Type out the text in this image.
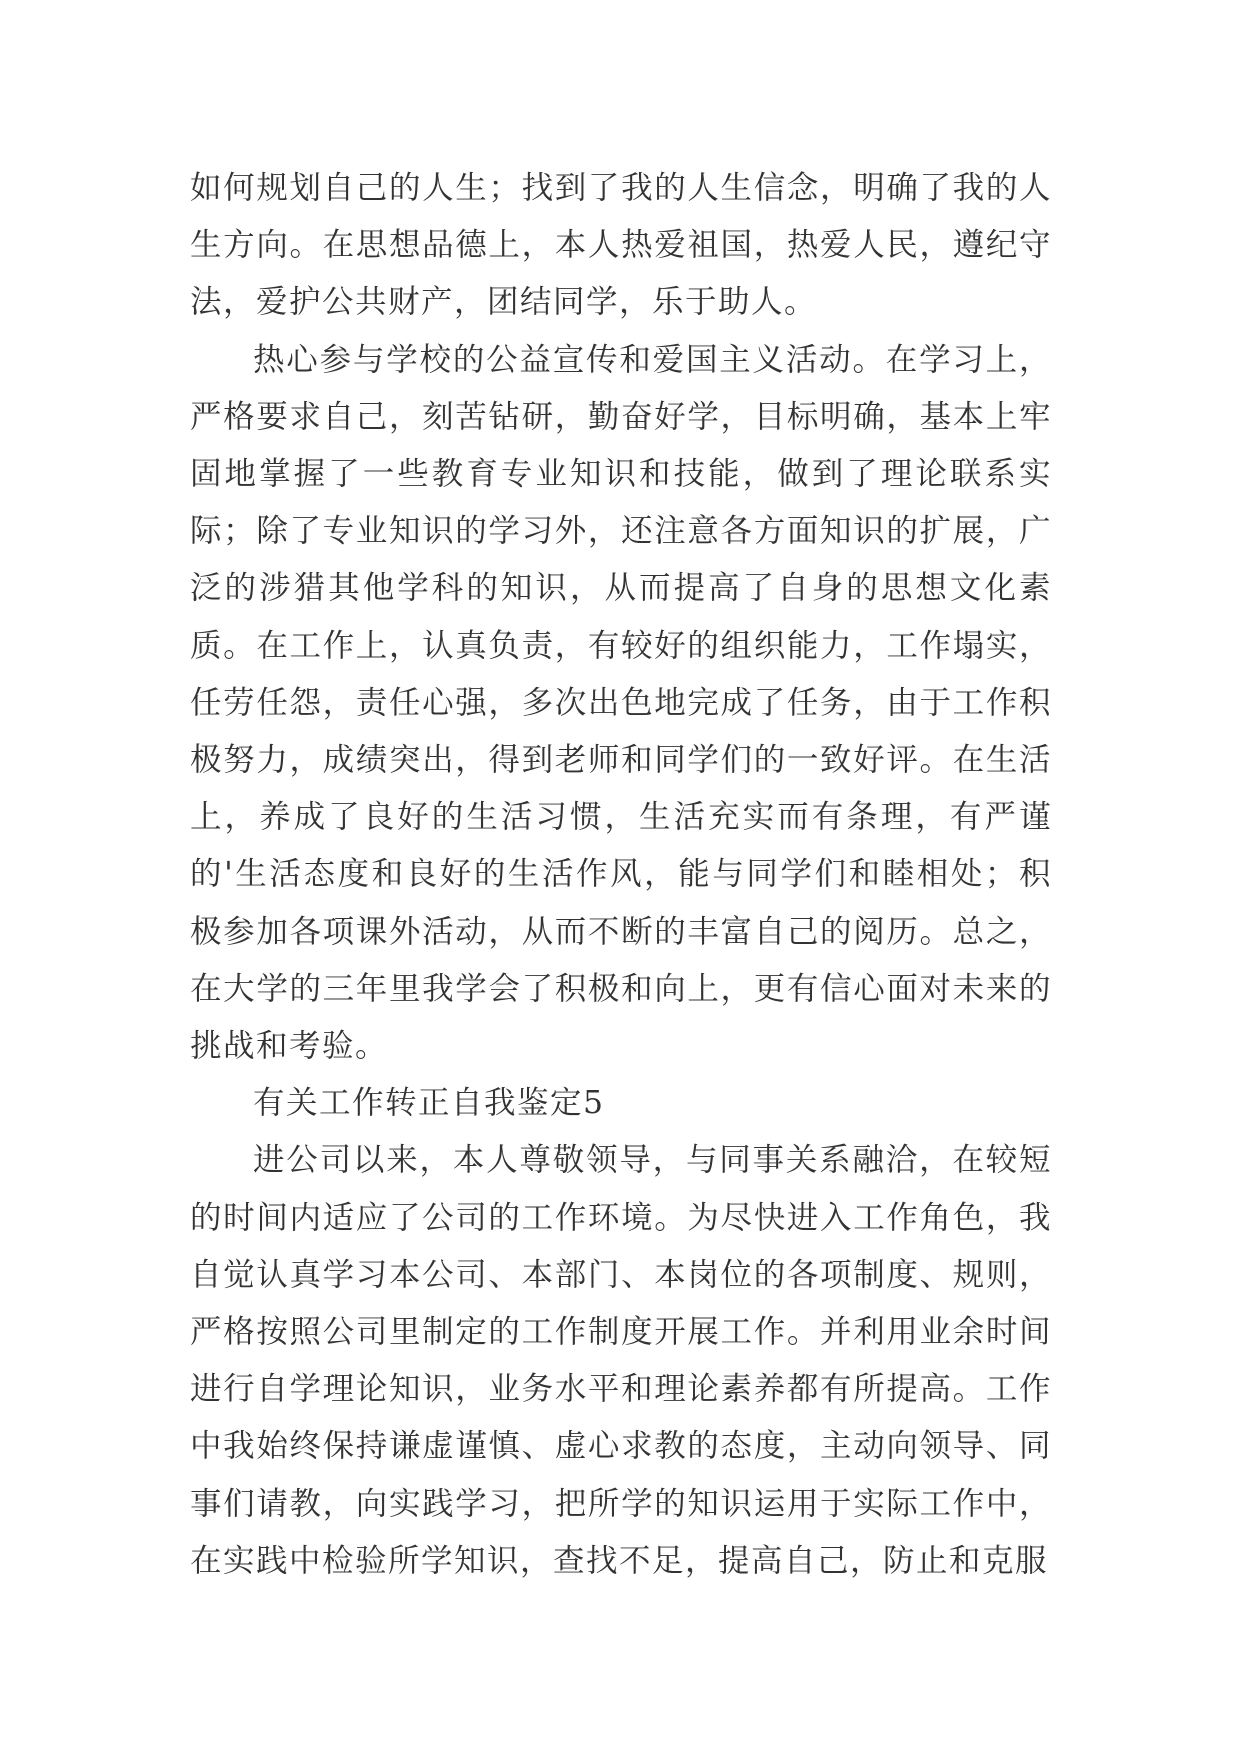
如何规划自己的人生；找到了我的人生信念，明确了我的人生方向。在思想品德上，本人热爱祖国，热爱人民，遵纪守法，爱护公共财产，团结同学，乐于助人。

热心参与学校的公益宣传和爱国主义活动。在学习上，严格要求自己，刻苦钻研，勤奋好学，目标明确，基本上牢固地掌握了一些教育专业知识和技能，做到了理论联系实际；除了专业知识的学习外，还注意各方面知识的扩展，广泛的涉猎其他学科的知识，从而提高了自身的思想文化素质。在工作上，认真负责，有较好的组织能力，工作塌实，任劳任怨，责任心强，多次出色地完成了任务，由于工作积极努力，成绩突出，得到老师和同学们的一致好评。在生活上，养成了良好的生活习惯，生活充实而有条理，有严谨的'生活态度和良好的生活作风，能与同学们和睦相处；积极参加各项课外活动，从而不断的丰富自己的阅历。总之，在大学的三年里我学会了积极和向上，更有信心面对未来的挑战和考验。

有关工作转正自我鉴定5

进公司以来，本人尊敬领导，与同事关系融洽，在较短的时间内适应了公司的工作环境。为尽快进入工作角色，我自觉认真学习本公司、本部门、本岗位的各项制度、规则，严格按照公司里制定的工作制度开展工作。并利用业余时间进行自学理论知识，业务水平和理论素养都有所提高。工作中我始终保持谦虚谨慎、虚心求教的态度，主动向领导、同事们请教，向实践学习，把所学的知识运用于实际工作中，在实践中检验所学知识，查找不足，提高自己，防止和克服
